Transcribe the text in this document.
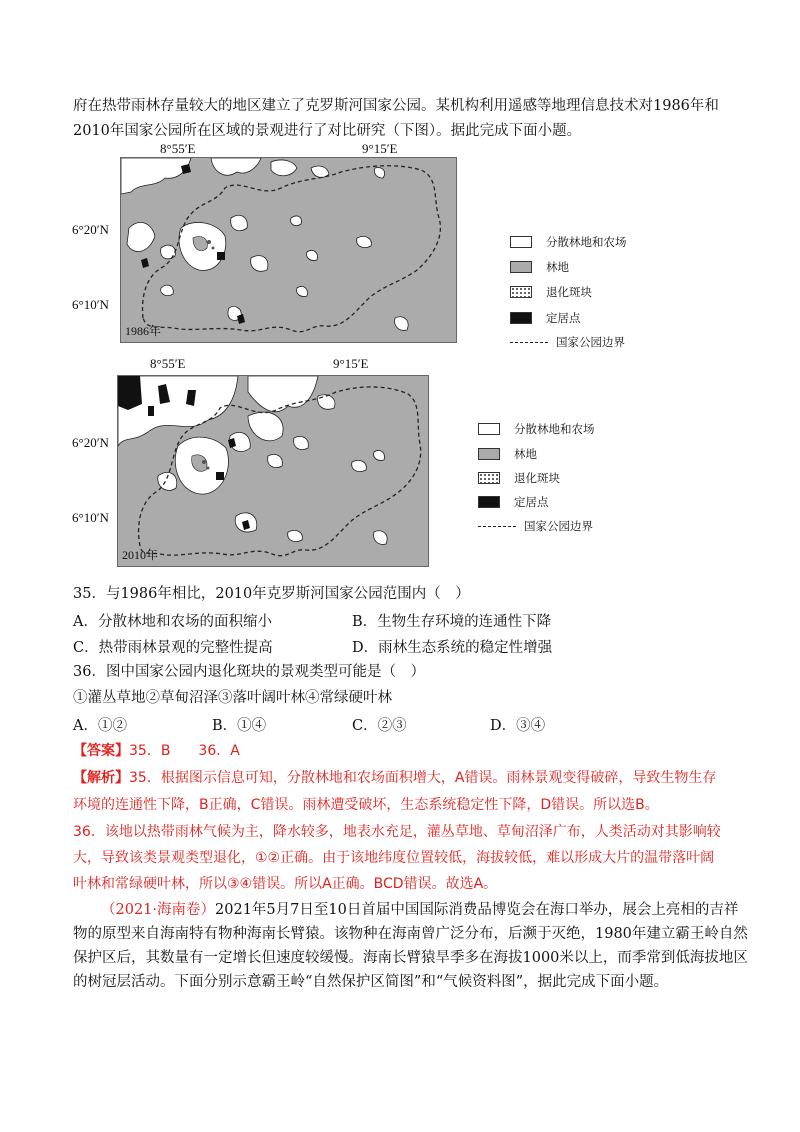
府在热带雨林存量较大的地区建立了克罗斯河国家公园。某机构利用遥感等地理信息技术对1986年和
2010年国家公园所在区域的景观进行了对比研究（下图）。据此完成下面小题。
8°55′E	9°15′E
6°20′N
6°10′N
1986年
分散林地和农场
林地
退化斑块
定居点
国家公园边界
8°55′E	9°15′E
6°20′N
6°10′N
2010年
分散林地和农场
林地
退化斑块
定居点
国家公园边界
35．与1986年相比，2010年克罗斯河国家公园范围内（　）
A．分散林地和农场的面积缩小	B．生物生存环境的连通性下降
C．热带雨林景观的完整性提高	D．雨林生态系统的稳定性增强
36．图中国家公园内退化斑块的景观类型可能是（　）
①灌丛草地②草甸沼泽③落叶阔叶林④常绿硬叶林
A．①②	B．①④	C．②③	D．③④
【答案】35．B　　36．A
【解析】35．根据图示信息可知，分散林地和农场面积增大，A错误。雨林景观变得破碎，导致生物生存
环境的连通性下降，B正确，C错误。雨林遭受破坏，生态系统稳定性下降，D错误。所以选B。
36．该地以热带雨林气候为主，降水较多，地表水充足，灌丛草地、草甸沼泽广布，人类活动对其影响较
大，导致该类景观类型退化，①②正确。由于该地纬度位置较低，海拔较低，难以形成大片的温带落叶阔
叶林和常绿硬叶林，所以③④错误。所以A正确。BCD错误。故选A。
（2021·海南卷）2021年5月7日至10日首届中国国际消费品博览会在海口举办，展会上亮相的吉祥
物的原型来自海南特有物种海南长臂猿。该物种在海南曾广泛分布，后濒于灭绝，1980年建立霸王岭自然
保护区后，其数量有一定增长但速度较缓慢。海南长臂猿旱季多在海拔1000米以上，而季常到低海拔地区
的树冠层活动。下面分别示意霸王岭“自然保护区简图”和“气候资料图”，据此完成下面小题。
